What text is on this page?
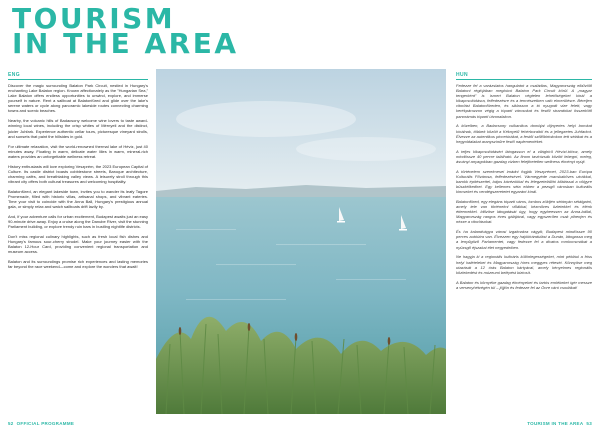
TOURISM
IN THE AREA
ENG

Discover the magic surrounding Balaton Park Circuit, nestled in Hungary's enchanting Lake Balaton region. Known affectionately as the "Hungarian Sea," Lake Balaton offers endless opportunities to unwind, explore, and immerse yourself in nature. Rent a sailboat at Balatonfüred and glide over the lake's serene waters or cycle along panoramic lakeside routes connecting charming towns and scenic beaches.

Nearby, the volcanic hills of Badacsony welcome wine lovers to taste award-winning local wines, including the crisp whites of Mérnyeli and the distinct, juicier Juhfark. Experience authentic cellar tours, picturesque vineyard strolls, and sunsets that paint the hillsides in gold.

For ultimate relaxation, visit the world-renowned thermal lake of Hévíz, just 40 minutes away. Floating in warm, delicate water lilies in warm, mineral-rich waters provides an unforgettable wellness retreat.

History enthusiasts will love exploring Veszprém, the 2023 European Capital of Culture. Its castle district boasts cobblestone streets, Baroque architecture, charming cafés, and breathtaking valley views. A leisurely stroll through this vibrant city offers both cultural treasures and welcoming hospitality.

Balatonfüred, an elegant lakeside town, invites you to wander its leafy Tagore Promenade, filled with historic villas, artisanal shops, and vibrant eateries. Time your visit to coincide with the Anna Ball, Hungary's prestigious annual gala, or simply relax and watch sailboats drift lazily by.

And, if your adventure calls for urban excitement, Budapest awaits just an easy 90-minute drive away. Enjoy a cruise along the Danube River, visit the stunning Parliament building, or explore trendy ruin bars in bustling nightlife districts.

Don't miss regional culinary highlights, such as fresh local fish dishes and Hungary's famous sour-cherry strudel. Make your journey easier with the Balaton 12-Hour Card, providing convenient regional transportation and museum access.

Balaton and its surroundings promise rich experiences and lasting memories far beyond the race weekend—come and explore the wonders that await!

HUN

Fedezze fel a varázslatos hangulatot a családias, Magyarország elbűvölő Balatoni régiójában megbúvó Balaton Park Circuit körül. A „magyar tengerként” is ismert Balaton végtelen lehetőségeket kínál a kikapcsolódásra, felfedezésre és a természetben való elmerülésre. Béreljen vitorlást Balatonfüreden, és siklasson a tó nyugodt vize felett, vagy kerékpározzon végig a tóparti városokat és festői strandokat összekötő panorámás tóparti útvonalakon.

A közelben, a Badacsony vulkanikus dombjai díjnyertes helyi borokat kínálnak, többek között a Kéknyelű fehérboraitól és a jellegzetes Juhfarkot. Élvezze az autentikus pincetúrákat, a festői szőlőbirtokokon tett sétákat és a hegyoldalakat aranyszínűre festő naplementéket.

A teljes kikapcsolódásért látogasson el a világhírű Hévízi-tóhoz, amely mindössze 40 percre található. Az finom tavirózsák között lebegni, meleg, ásványi anyagokban gazdag vízben felejthetetlen wellness élményt nyújt.

A történelem szerelmesei imádni fogják Veszprémet, 2023-ban Európa Kulturális Fővárosa, felfedezésével. Vármegyéde macskaköves utcákkal, barokk építészettel, bájos kávézókkal és lélegzetelállító kilátással a völgyre büszkélkedhet. Egy kellemes séta ebben a pezsgő városban kulturális kincseket és vendégszeretetet egyaránt kínál.

Balatonfüred, egy elegáns tóparti város, lombos zöldjén sétányán sétálgatni, amely tele van történelmi villákkal, kézműves üzletekkel és élénk éttermekkel. Időzítse látogatását úgy, hogy egybeessen az Anna-bállal, Magyarország rangos éves gálájával, vagy egyszerűen csak pihenjen és nézze a vitorlásokat.

És ha kalandvágya városi izgalmakra vágyik, Budapest mindössze 90 perces autóútra van. Élvezzen egy hajókirándulást a Dunán, látogassa meg a lenyűgöző Parlamentet, vagy fedezze fel a divatos romkocsmákat a nyüzsgő éjszakai élet negyedeiben.

Ne hagyja ki a regionális kulináris különlegességeket, mint például a friss helyi halételeket és Magyarország híres meggyes rétesét. Könnyítse meg utazását a 12 órás Balaton kártyával, amely kényelmes regionális közlekedést és múzeumi belépést biztosít.

A Balaton és környéke gazdag élményeket és tartós emlékeket ígér messze a versenyhétvégén túl – jöjjön és fedezze fel az Önre váró csodákat!

52 OFFICIAL PROGRAMME	TOURISM IN THE AREA 53
